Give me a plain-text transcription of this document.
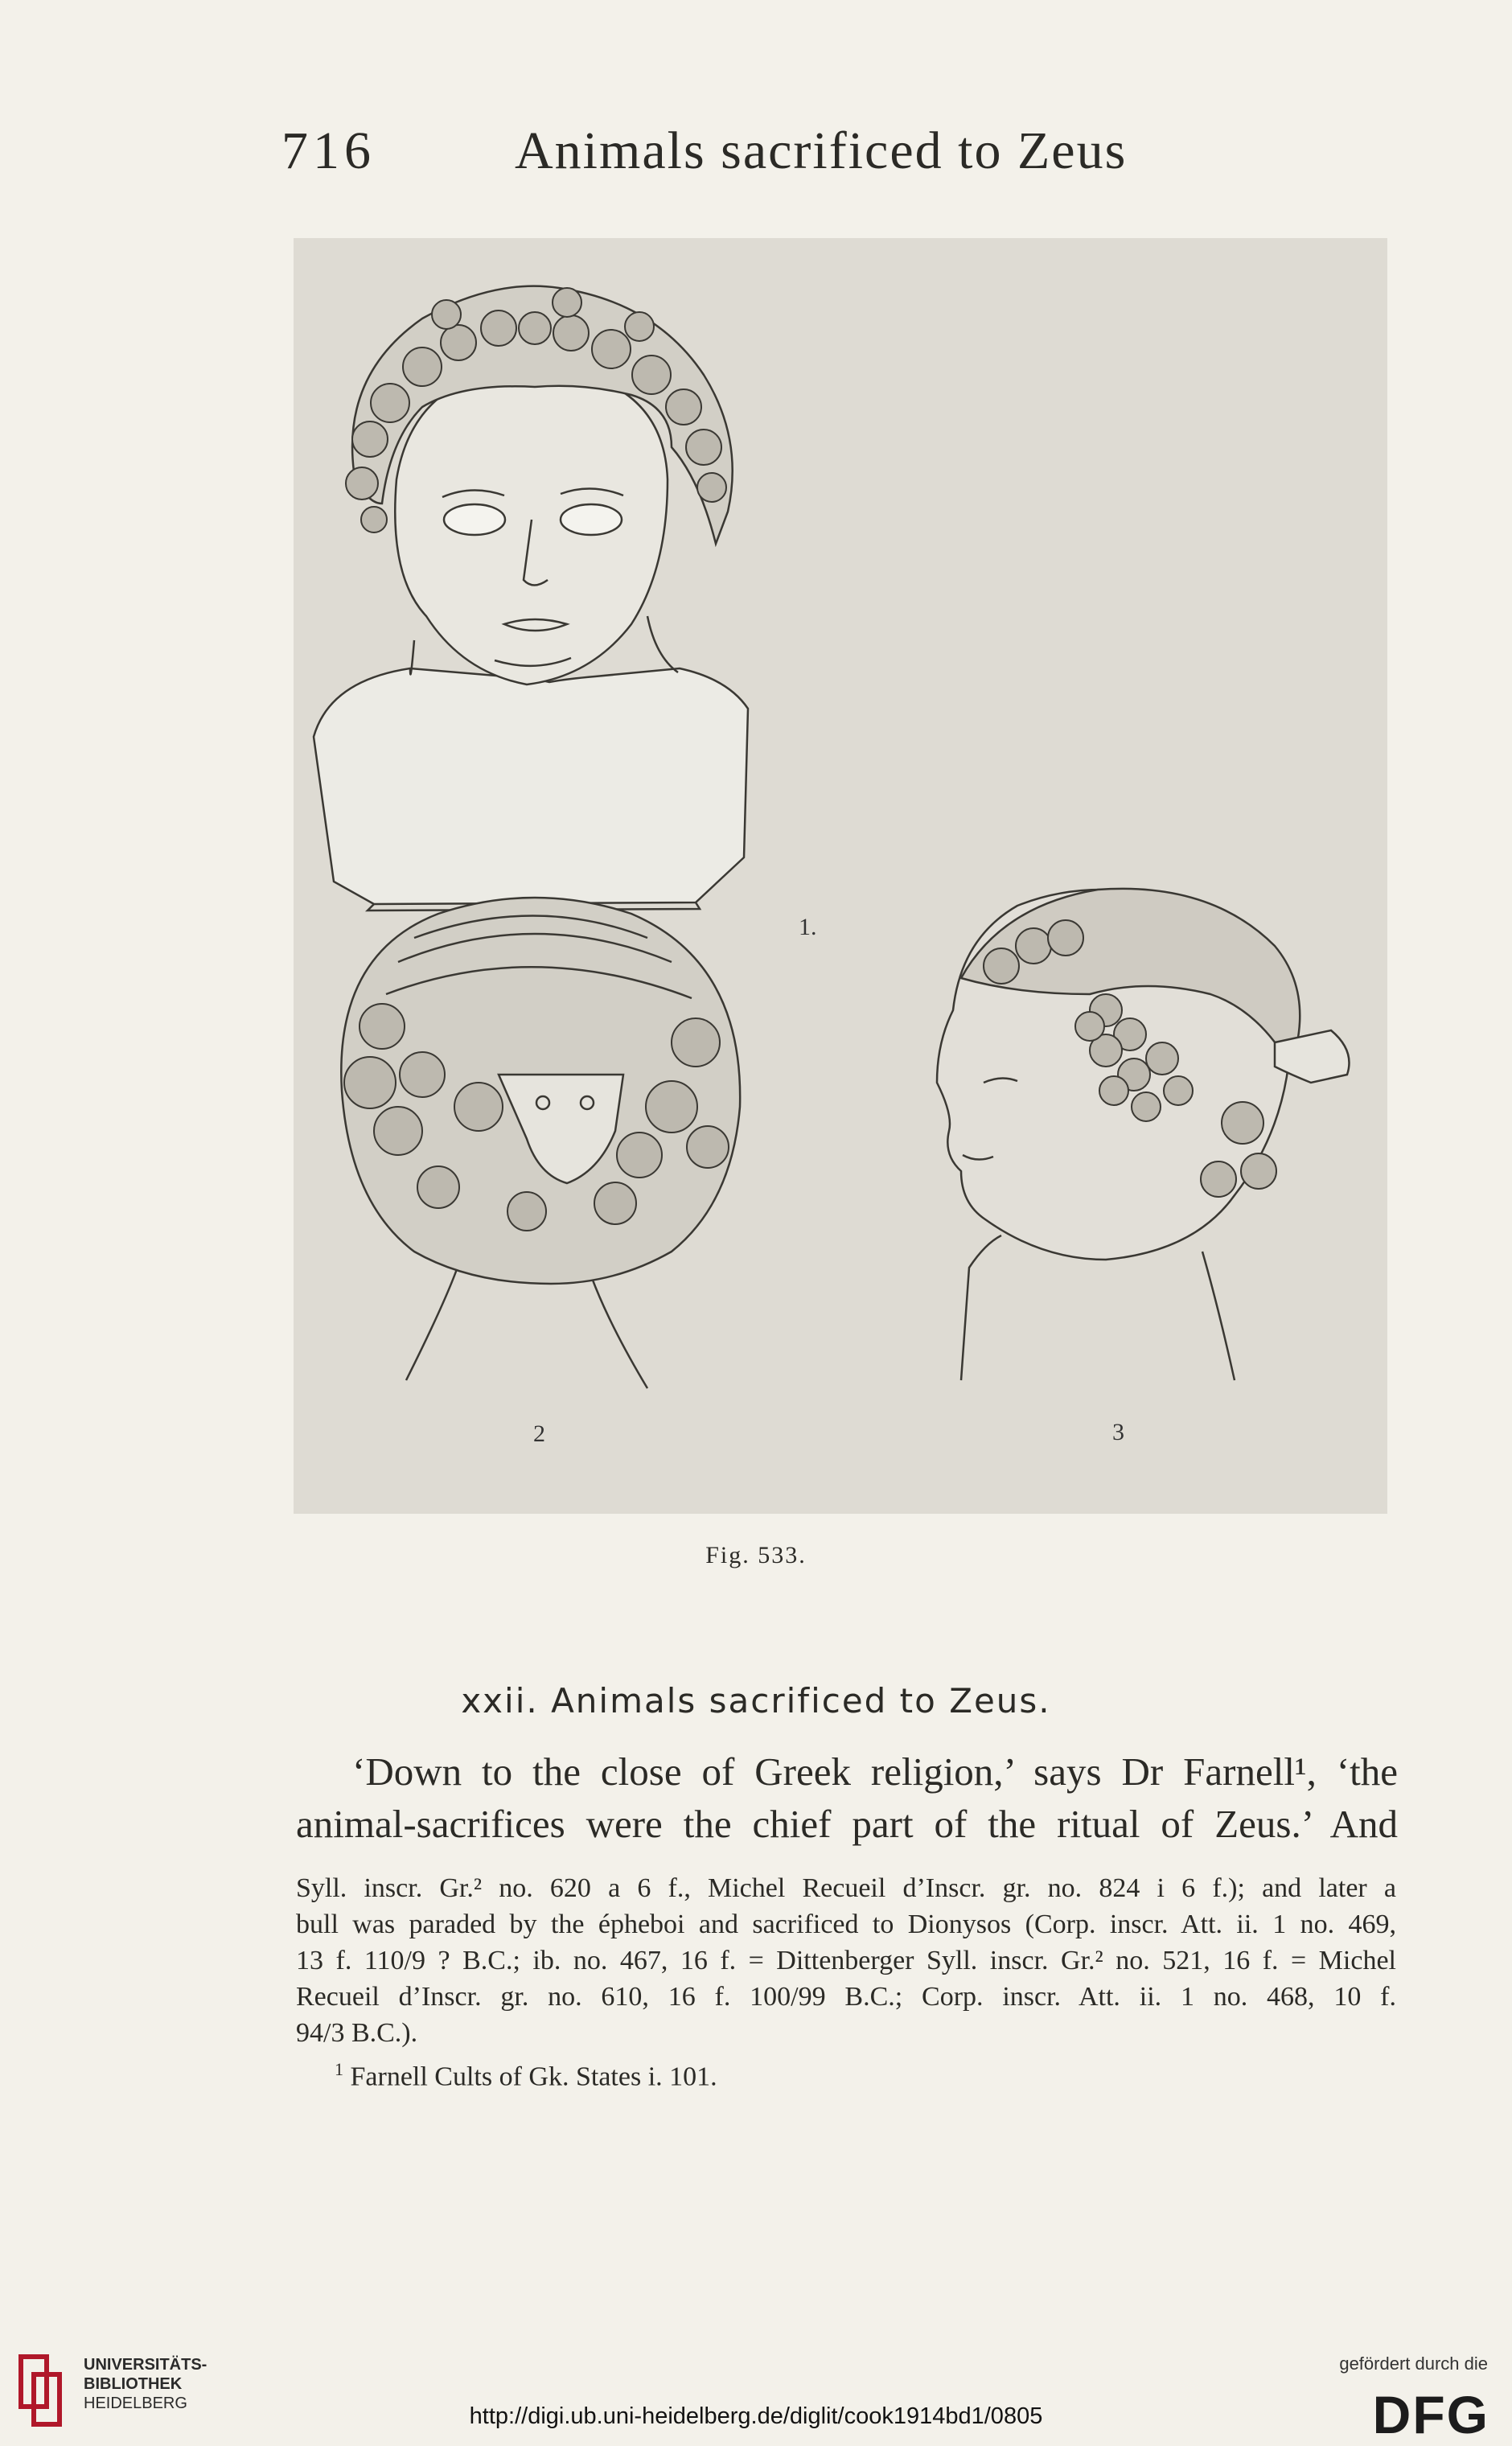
716	Animals sacrificed to Zeus
1.
2	3
Fig. 533.
xxii. Animals sacrificed to Zeus.
‘Down to the close of Greek religion,’ says Dr Farnell¹, ‘the
animal-sacrifices were the chief part of the ritual of Zeus.’ And
Syll. inscr. Gr.² no. 620 a 6 f., Michel Recueil d’Inscr. gr. no. 824 i 6 f.); and later a
bull was paraded by the épheboi and sacrificed to Dionysos (Corp. inscr. Att. ii. 1 no. 469,
13 f. 110/9 ? B.C.; ib. no. 467, 16 f. = Dittenberger Syll. inscr. Gr.² no. 521, 16 f. = Michel
Recueil d’Inscr. gr. no. 610, 16 f. 100/99 B.C.; Corp. inscr. Att. ii. 1 no. 468, 10 f.
94/3 B.C.).
$^1$ Farnell Cults of Gk. States i. 101.
UNIVERSITÄTS-
BIBLIOTHEK
HEIDELBERG	http://digi.ub.uni-heidelberg.de/diglit/cook1914bd1/0805
gefördert durch die
DFG
